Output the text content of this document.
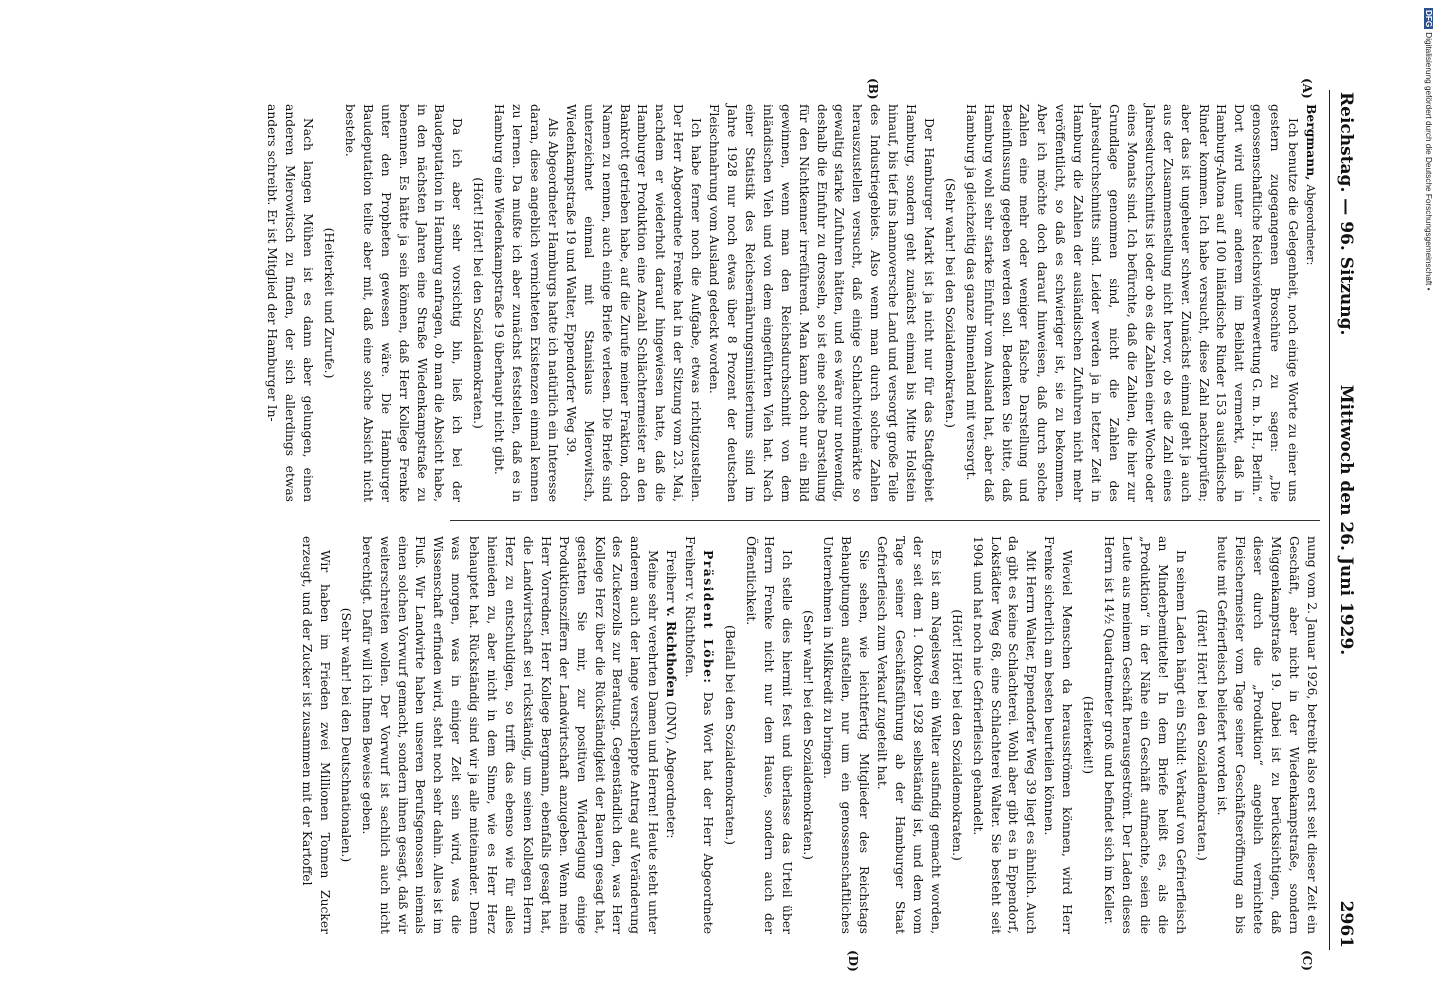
Reichstag. — 96. Sitzung.
Mittwoch den 26. Juni 1929.
2961
(A)
(B)
(C)
(D)

Bergmann, Abgeordneter:

Ich benutze die Gelegenheit, noch einige Worte zu einer uns gestern zugegangenen Broschüre zu sagen: „Die genossenschaftliche Reichsviehverwertung G. m. b. H., Berlin.“ Dort wird unter anderem im Beiblatt vermerkt, daß in Hamburg-Altona auf 100 inländische Rinder 153 ausländische Rinder kommen. Ich habe versucht, diese Zahl nachzuprüfen; aber das ist ungeheuer schwer. Zunächst einmal geht ja auch aus der Zusammenstellung nicht hervor, ob es die Zahl eines Jahresdurchschnitts ist oder ob es die Zahlen einer Woche oder eines Monats sind. Ich befürchte, daß die Zahlen, die hier zur Grundlage genommen sind, nicht die Zahlen des Jahresdurchschnitts sind. Leider werden ja in letzter Zeit in Hamburg die Zahlen der ausländischen Zufuhren nicht mehr veröffentlicht, so daß es schwieriger ist, sie zu bekommen. Aber ich möchte doch darauf hinweisen, daß durch solche Zahlen eine mehr oder weniger falsche Darstellung und Beeinflussung gegeben werden soll. Bedenken Sie bitte, daß Hamburg wohl sehr starke Einfuhr vom Ausland hat, aber daß Hamburg ja gleichzeitig das ganze Binnenland mit versorgt.

(Sehr wahr! bei den Sozialdemokraten.)

Der Hamburger Markt ist ja nicht nur für das Stadtgebiet Hamburg, sondern geht zunächst einmal bis Mitte Holstein hinauf, bis tief ins hannoversche Land und versorgt große Teile des Industriegebiets. Also wenn man durch solche Zahlen herauszustellen versucht, daß einige Schlachtviehmärkte so gewaltig starke Zufuhren hätten, und es wäre nur notwendig, deshalb die Einfuhr zu drosseln, so ist eine solche Darstellung für den Nichtkenner irreführend. Man kann doch nur ein Bild gewinnen, wenn man den Reichsdurchschnitt von dem inländischen Vieh und von dem eingeführten Vieh hat. Nach einer Statistik des Reichsernährungsministeriums sind im Jahre 1928 nur noch etwas über 8 Prozent der deutschen Fleischnahrung vom Ausland gedeckt worden.

Ich habe ferner noch die Aufgabe, etwas richtigzustellen. Der Herr Abgeordnete Frenke hat in der Sitzung vom 23. Mai, nachdem er wiederholt darauf hingewiesen hatte, daß die Hamburger Produktion eine Anzahl Schlächtermeister an den Bankrott getrieben habe, auf die Zurufe meiner Fraktion, doch Namen zu nennen, auch einige Briefe verlesen. Die Briefe sind unterzeichnet einmal mit Stanislaus Mierowitsch, Wiedenkampstraße 19 und Walter, Eppendorfer Weg 39.

Als Abgeordneter Hamburgs hatte ich natürlich ein Interesse daran, diese angeblich vernichteten Existenzen einmal kennen zu lernen. Da mußte ich aber zunächst feststellen, daß es in Hamburg eine Wiedenkampstraße 19 überhaupt nicht gibt.

(Hört! Hört! bei den Sozialdemokraten.)

Da ich aber sehr vorsichtig bin, ließ ich bei der Baudeputation in Hamburg anfragen, ob man die Absicht habe, in den nächsten Jahren eine Straße Wiedenkampstraße zu benennen. Es hätte ja sein können, daß Herr Kollege Frenke unter den Propheten gewesen wäre. Die Hamburger Baudeputation teilte aber mit, daß eine solche Absicht nicht bestehe.

(Heiterkeit und Zurufe.)

Nach langen Mühen ist es dann aber gelungen, einen anderen Mierowitsch zu finden, der sich allerdings etwas anders schreibt. Er ist Mitglied der Hamburger In-

nung vom 2. Januar 1926, betreibt also erst seit dieser Zeit ein Geschäft, aber nicht in der Wiedenkampstraße, sondern Müggenkampstraße 19. Dabei ist zu berücksichtigen, daß dieser durch die „Produktion“ angeblich vernichtete Fleischermeister vom Tage seiner Geschäftseröffnung an bis heute mit Gefrierfleisch beliefert worden ist.

(Hört! Hört! bei den Sozialdemokraten.)

In seinem Laden hängt ein Schild: Verkauf von Gefrierfleisch an Minderbemittelte! In dem Briefe heißt es, als die „Produktion“ in der Nähe ein Geschäft aufmachte, seien die Leute aus meinem Geschäft herausgeströmt. Der Laden dieses Herrn ist 14½ Quadratmeter groß und befindet sich im Keller.

(Heiterkeit!)

Wieviel Menschen da herausströmen können, wird Herr Frenke sicherlich am besten beurteilen können.

Mit Herrn Walter, Eppendorfer Weg 39 liegt es ähnlich. Auch da gibt es keine Schlachterei. Wohl aber gibt es in Eppendorf, Lokstädter Weg 68, eine Schlachterei Walter. Sie besteht seit 1904 und hat noch nie Gefrierfleisch gehandelt.

(Hört! Hört! bei den Sozialdemokraten.)

Es ist am Nagelsweg ein Walter ausfindig gemacht worden, der seit dem 1. Oktober 1928 selbständig ist, und dem vom Tage seiner Geschäftsführung ab der Hamburger Staat Gefrierfleisch zum Verkauf zugeteilt hat.

Sie sehen, wie leichtfertig Mitglieder des Reichstags Behauptungen aufstellen, nur um ein genossenschaftliches Unternehmen in Mißkredit zu bringen.

(Sehr wahr! bei den Sozialdemokraten.)

Ich stelle dies hiermit fest und überlasse das Urteil über Herrn Frenke nicht nur dem Hause, sondern auch der Öffentlichkeit.

(Beifall bei den Sozialdemokraten.)

Präsident Löbe: Das Wort hat der Herr Abgeordnete Freiherr v. Richthofen.

Freiherr v. Richthofen (DNV), Abgeordneter:

Meine sehr verehrten Damen und Herren! Heute steht unter anderem auch der lange verschleppte Antrag auf Veränderung des Zuckerzolls zur Beratung. Gegenständlich den, was Herr Kollege Herz über die Rückständigkeit der Bauern gesagt hat, gestatten Sie mir, zur positiven Widerlegung einige Produktionsziffern der Landwirtschaft anzugeben. Wenn mein Herr Vorredner, Herr Kollege Bergmann, ebenfalls gesagt hat, die Landwirtschaft sei rückständig, um seinen Kollegen Herrn Herz zu entschuldigen, so trifft das ebenso wie für alles hienieden zu, aber nicht in dem Sinne, wie es Herr Herz behauptet hat. Rückständig sind wir ja alle miteinander. Denn was morgen, was in einiger Zeit sein wird, was die Wissenschaft erfinden wird, steht noch sehr dahin. Alles ist im Fluß. Wir Landwirte haben unseren Berufsgenossen niemals einen solchen Vorwurf gemacht, sondern ihnen gesagt, daß wir weiterschreiten wollen. Der Vorwurf ist sachlich auch nicht berechtigt. Dafür will ich Ihnen Beweise geben.

(Sehr wahr! bei den Deutschnationalen.)

Wir haben im Frieden zwei Millionen Tonnen Zucker erzeugt, und der Zucker ist zusammen mit der Kartoffel

DFGDigitalisierung gefördert durch die Deutsche Forschungsgemeinschaft •
